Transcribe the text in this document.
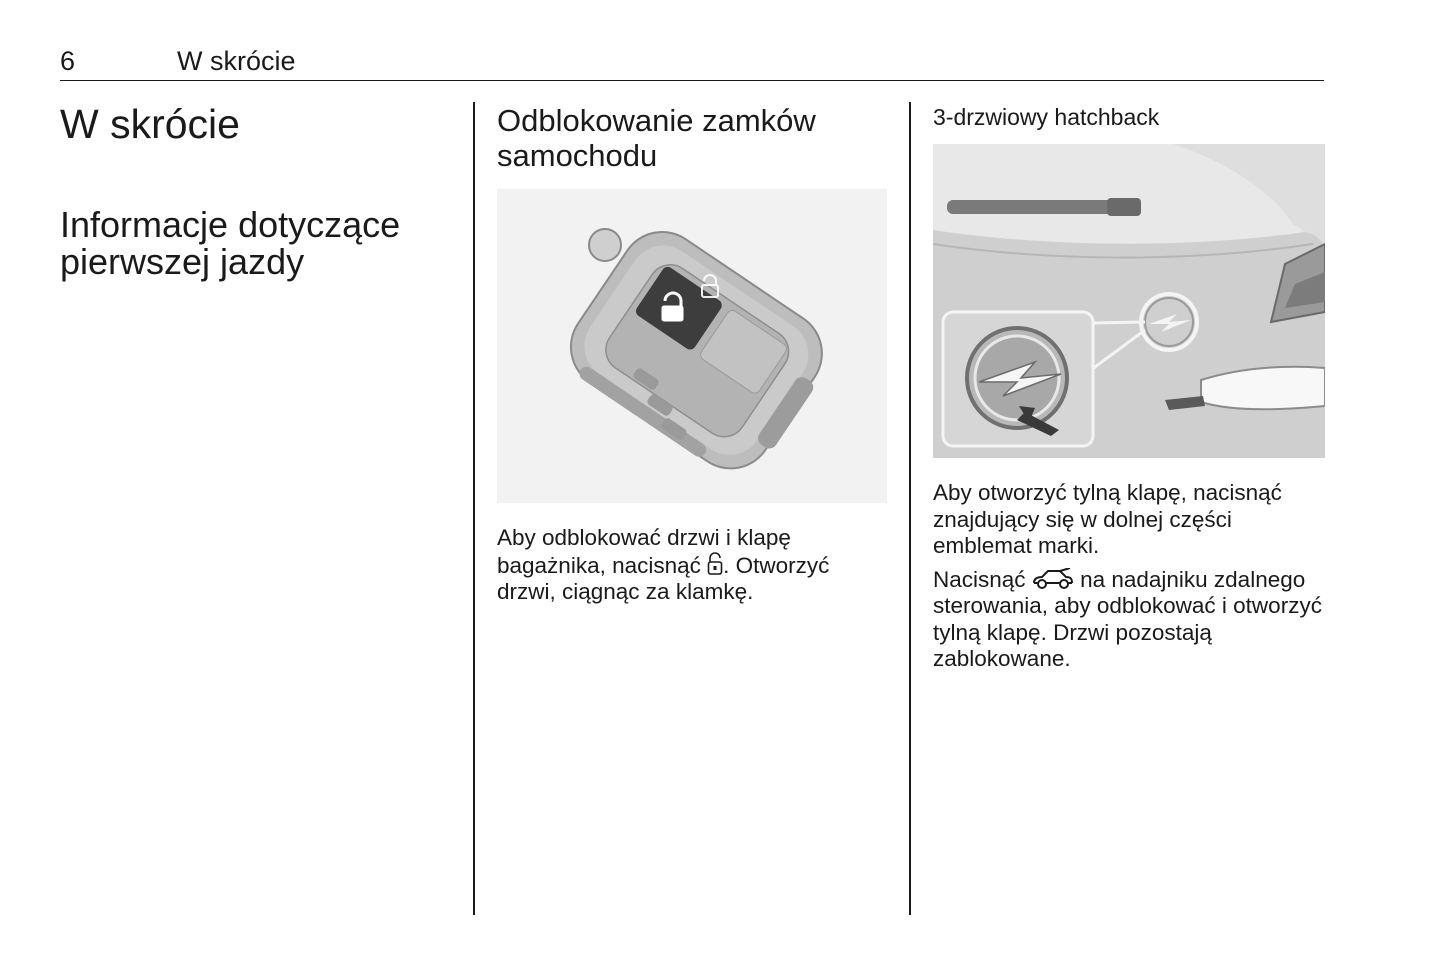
6	W skrócie
W skrócie
Informacje dotyczące pierwszej jazdy
Odblokowanie zamków samochodu

Aby odblokować drzwi i klapę bagażnika, nacisnąć . Otworzyć drzwi, ciągnąc za klamkę.

3-drzwiowy hatchback

Aby otworzyć tylną klapę, nacisnąć znajdujący się w dolnej części emblemat marki.

Nacisnąć  na nadajniku zdalnego sterowania, aby odblokować i otworzyć tylną klapę. Drzwi pozostają zablokowane.
